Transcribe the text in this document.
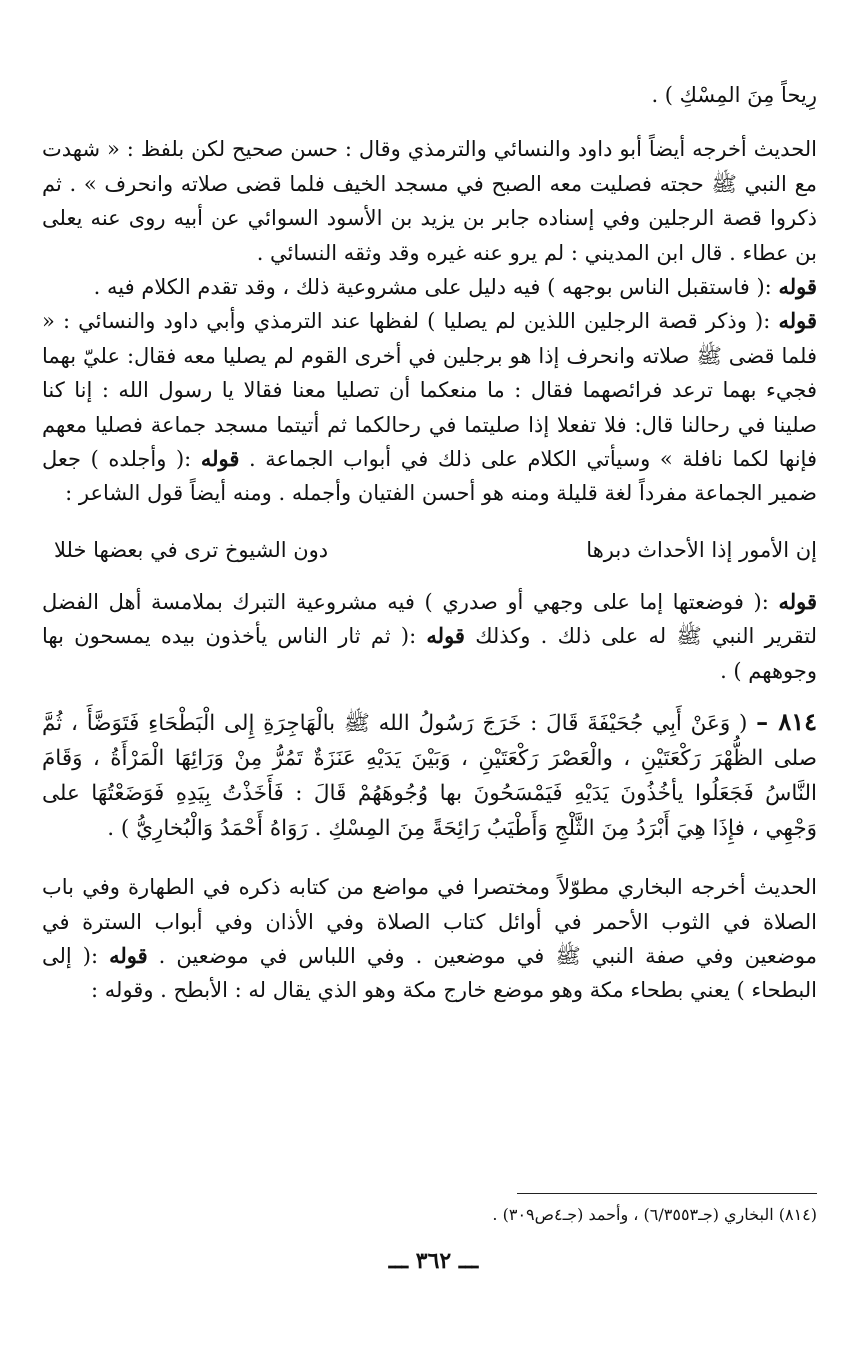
رِيحاً مِنَ المِسْكِ ) .

الحديث أخرجه أيضاً أبو داود والنسائي والترمذي وقال : حسن صحيح لكن بلفظ : « شهدت مع النبي ﷺ حجته فصليت معه الصبح في مسجد الخيف فلما قضى صلاته وانحرف » . ثم ذكروا قصة الرجلين وفي إسناده جابر بن يزيد بن الأسود السوائي عن أبيه روى عنه يعلى بن عطاء . قال ابن المديني : لم يرو عنه غيره وقد وثقه النسائي .
قوله :( فاستقبل الناس بوجهه ) فيه دليل على مشروعية ذلك ، وقد تقدم الكلام فيه .
قوله :( وذكر قصة الرجلين اللذين لم يصليا ) لفظها عند الترمذي وأبي داود والنسائي : « فلما قضى ﷺ صلاته وانحرف إذا هو برجلين في أخرى القوم لم يصليا معه فقال: عليّ بهما فجيء بهما ترعد فرائصهما فقال : ما منعكما أن تصليا معنا فقالا يا رسول الله : إنا كنا صلينا في رحالنا قال: فلا تفعلا إذا صليتما في رحالكما ثم أتيتما مسجد جماعة فصليا معهم فإنها لكما نافلة » وسيأتي الكلام على ذلك في أبواب الجماعة . قوله :( وأجلده ) جعل ضمير الجماعة مفرداً لغة قليلة ومنه هو أحسن الفتيان وأجمله . ومنه أيضاً قول الشاعر :

إن الأمور إذا الأحداث دبرها
دون الشيوخ ترى في بعضها خللا

قوله :( فوضعتها إما على وجهي أو صدري ) فيه مشروعية التبرك بملامسة أهل الفضل لتقرير النبي ﷺ له على ذلك . وكذلك قوله :( ثم ثار الناس يأخذون بيده يمسحون بها وجوههم ) .

٨١٤ – ( وَعَنْ أَبِي جُحَيْفَةَ قَالَ : خَرَجَ رَسُولُ الله ﷺ بالْهَاجِرَةِ إِلى الْبَطْحَاءِ فَتَوَضَّأَ ، ثُمَّ صلى الظُّهْرَ رَكْعَتَيْنِ ، والْعَصْرَ رَكْعَتَيْنِ ، وَبَيْنَ يَدَيْهِ عَنَزَةٌ تَمُرُّ مِنْ وَرَائِهَا الْمَرْأَةُ ، وَقَامَ النَّاسُ فَجَعَلُوا يأخُذُونَ يَدَيْهِ فَيَمْسَحُونَ بها وُجُوهَهُمْ قَالَ : فَأَخَذْتُ بِيَدِهِ فَوَضَعْتُهَا على وَجْهِي ، فإِذَا هِيَ أَبْرَدُ مِنَ الثَّلْجِ وَأَطْيَبُ رَائِحَةً مِنَ المِسْكِ . رَوَاهُ أَحْمَدُ وَالْبُخارِيُّ ) .

الحديث أخرجه البخاري مطوّلاً ومختصرا في مواضع من كتابه ذكره في الطهارة وفي باب الصلاة في الثوب الأحمر في أوائل كتاب الصلاة وفي الأذان وفي أبواب السترة في موضعين وفي صفة النبي ﷺ في موضعين . وفي اللباس في موضعين . قوله :( إلى البطحاء ) يعني بطحاء مكة وهو موضع خارج مكة وهو الذي يقال له : الأبطح . وقوله :

(٨١٤) البخاري (جـ٦/٣٥٥٣) ، وأحمد (جـ٤ص٣٠٩) .
ـــ ٣٦٢ ـــ
